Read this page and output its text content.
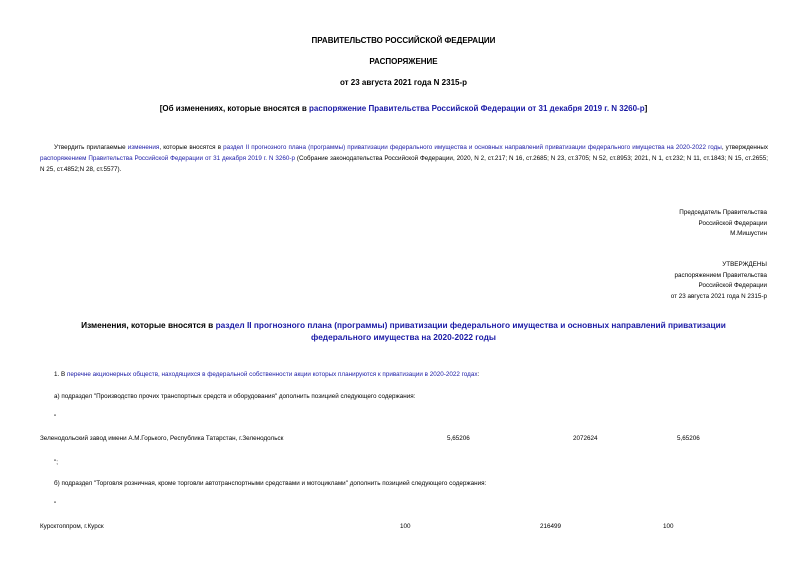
ПРАВИТЕЛЬСТВО РОССИЙСКОЙ ФЕДЕРАЦИИ
РАСПОРЯЖЕНИЕ
от 23 августа 2021 года N 2315-р
[Об изменениях, которые вносятся в распоряжение Правительства Российской Федерации от 31 декабря 2019 г. N 3260-р]
Утвердить прилагаемые изменения, которые вносятся в раздел II прогнозного плана (программы) приватизации федерального имущества и основных направлений приватизации федерального имущества на 2020-2022 годы, утвержденных распоряжением Правительства Российской Федерации от 31 декабря 2019 г. N 3260-р (Собрание законодательства Российской Федерации, 2020, N 2, ст.217; N 16, ст.2685; N 23, ст.3705; N 52, ст.8953; 2021, N 1, ст.232; N 11, ст.1843; N 15, ст.2655; N 25, ст.4852;N 28, ст.5577).
Председатель Правительства
Российской Федерации
М.Мишустин
УТВЕРЖДЕНЫ
распоряжением Правительства
Российской Федерации
от 23 августа 2021 года N 2315-р
Изменения, которые вносятся в раздел II прогнозного плана (программы) приватизации федерального имущества и основных направлений приватизации федерального имущества на 2020-2022 годы
1. В перечне акционерных обществ, находящихся в федеральной собственности акции которых планируются к приватизации в 2020-2022 годах:
а) подраздел "Производство прочих транспортных средств и оборудования" дополнить позицией следующего содержания:
"
Зеленодольский завод имени А.М.Горького, Республика Татарстан, г.Зеленодольск	5,65206	2072624	5,65206
";
б) подраздел "Торговля розничная, кроме торговли автотранспортными средствами и мотоциклами" дополнить позицией следующего содержания:
"
Курсктоппром, г.Курск	100	216499	100
